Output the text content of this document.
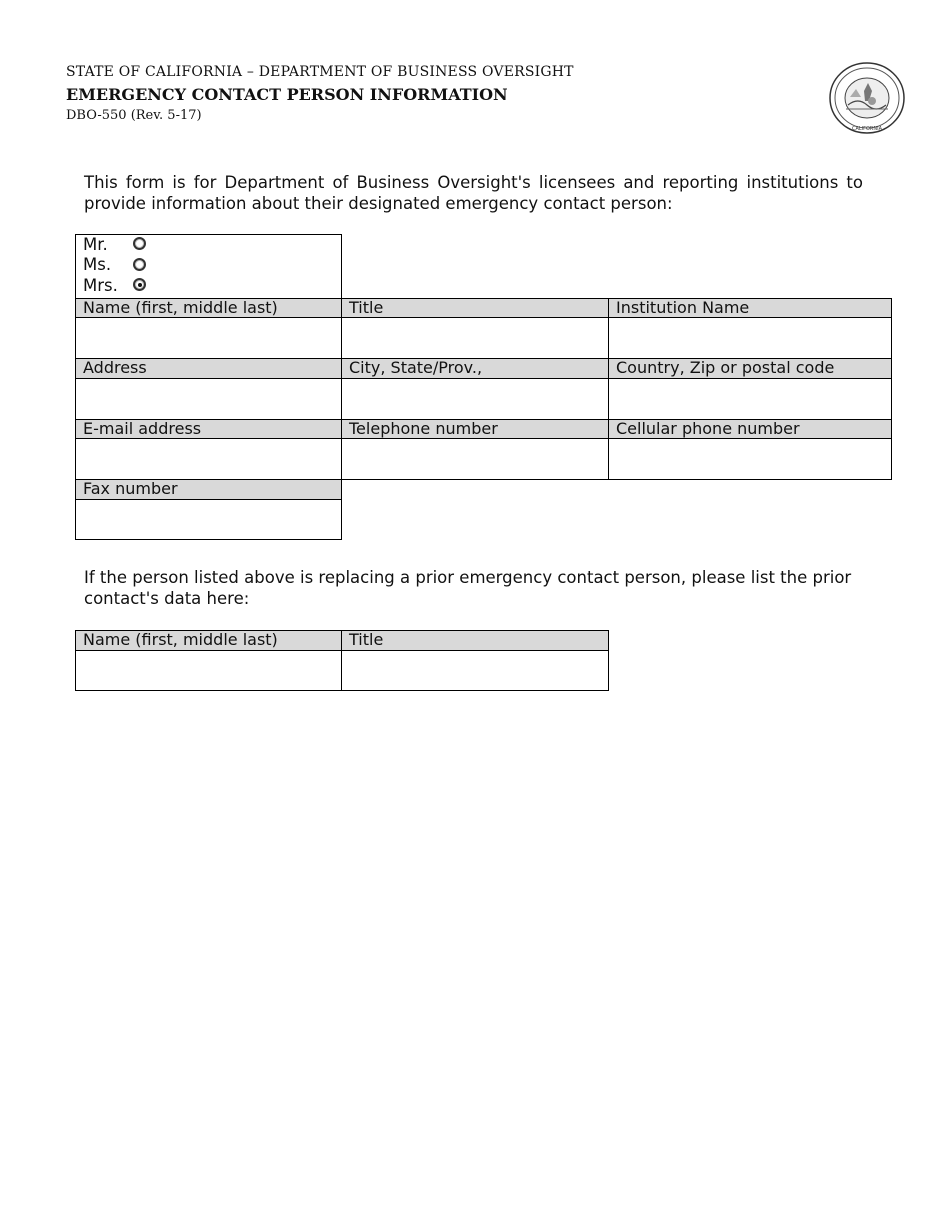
STATE OF CALIFORNIA – DEPARTMENT OF BUSINESS OVERSIGHT
EMERGENCY CONTACT PERSON INFORMATION
DBO-550 (Rev. 5-17)
CALIFORNIA
This form is for Department of Business Oversight's licensees and reporting institutions to provide information about their designated emergency contact person:
Mr.
Ms.
Mrs.
Name (first, middle last)	Title	Institution Name
Address	City, State/Prov.,	Country, Zip or postal code
E-mail address	Telephone number	Cellular phone number
Fax number
If the person listed above is replacing a prior emergency contact person, please list the prior contact's data here:
Name (first, middle last)	Title
